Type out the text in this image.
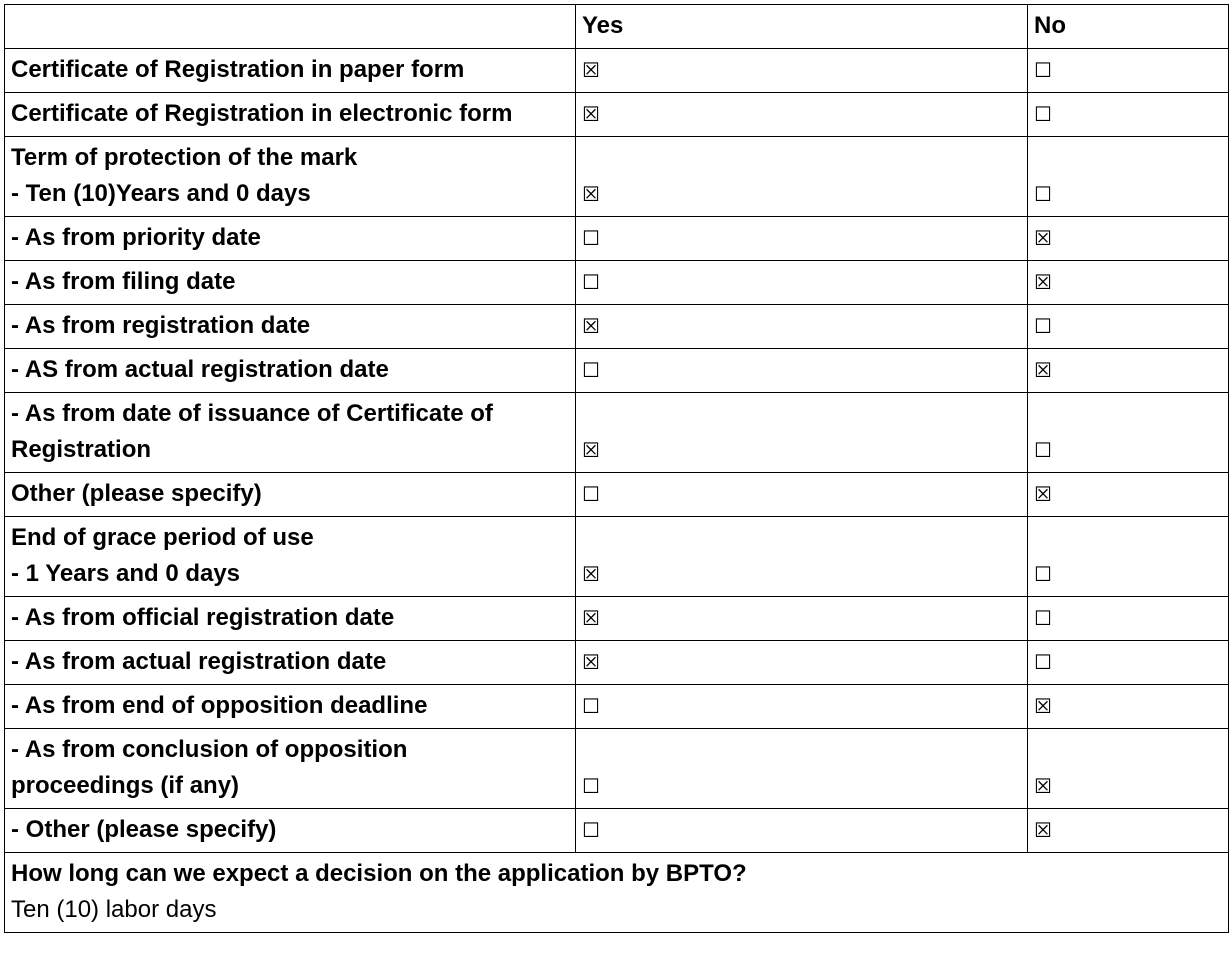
	Yes	No

Certificate of Registration in paper form	☒	☐

Certificate of Registration in electronic form	☒	☐

Term of protection of the mark
- Ten (10)Years and 0 days	☒	☐

- As from priority date	☐	☒

- As from filing date	☐	☒

- As from registration date	☒	☐

- AS from actual registration date	☐	☒

- As from date of issuance of Certificate of
Registration	☒	☐

Other (please specify)	☐	☒

End of grace period of use
- 1 Years and 0 days	☒	☐

- As from official registration date	☒	☐

- As from actual registration date	☒	☐

- As from end of opposition deadline	☐	☒

- As from conclusion of opposition
proceedings (if any)	☐	☒

- Other (please specify)	☐	☒

How long can we expect a decision on the application by BPTO?
Ten (10) labor days		
